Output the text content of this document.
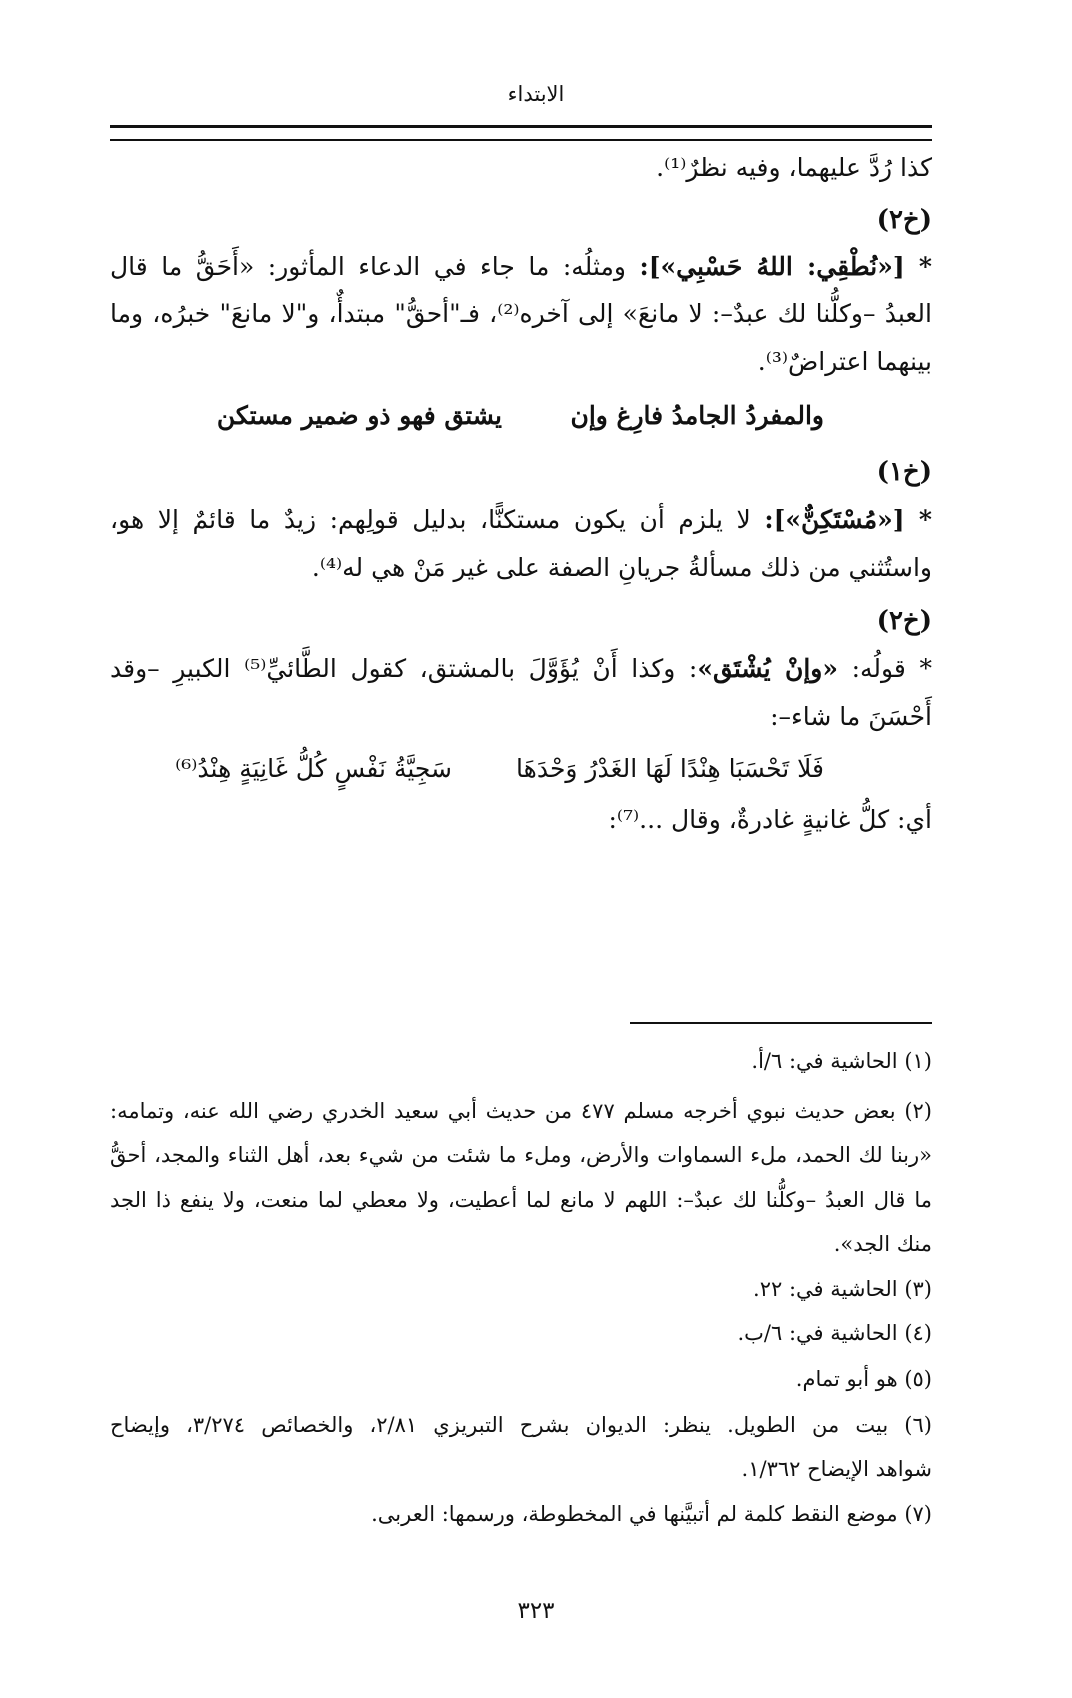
الابتداء
كذا رُدَّ عليهما، وفيه نظرٌ⁽¹⁾.
(خ٢)
* [«نُطْقِي: اللهُ حَسْبِي»]: ومثلُه: ما جاء في الدعاء المأثور: «أَحَقُّ ما قال
العبدُ –وكلُّنا لك عبدٌ–: لا مانعَ» إلى آخره⁽²⁾، فـ"أحقُّ" مبتدأٌ، و"لا مانعَ" خبرُه، وما
بينهما اعتراضٌ⁽³⁾.
والمفردُ الجامدُ فارِغ وإن
يشتق فهو ذو ضمير مستكن
(خ١)
* [«مُسْتَكِنٌّ»]: لا يلزم أن يكون مستكنًّا، بدليل قولِهم: زيدٌ ما قائمٌ إلا هو،
واستُثني من ذلك مسألةُ جريانِ الصفة على غير مَنْ هي له⁽⁴⁾.
(خ٢)
* قولُه: «وإنْ يُشْتَق»: وكذا أَنْ يُؤَوَّلَ بالمشتق، كقول الطَّائيِّ⁽⁵⁾ الكبيرِ –وقد
أَحْسَنَ ما شاء–:
فَلَا تَحْسَبَا هِنْدًا لَهَا الغَدْرُ وَحْدَهَا
سَجِيَّةُ نَفْسٍ كُلُّ غَانِيَةٍ هِنْدُ⁽⁶⁾
أي: كلُّ غانيةٍ غادرةٌ، وقال ...⁽⁷⁾:
(١) الحاشية في: ٦/أ.
(٢) بعض حديث نبوي أخرجه مسلم ٤٧٧ من حديث أبي سعيد الخدري رضي الله عنه، وتمامه:
«ربنا لك الحمد، ملء السماوات والأرض، وملء ما شئت من شيء بعد، أهل الثناء والمجد، أحقُّ
ما قال العبدُ –وكلُّنا لك عبدٌ–: اللهم لا مانع لما أعطيت، ولا معطي لما منعت، ولا ينفع ذا الجد
منك الجد».
(٣) الحاشية في: ٢٢.
(٤) الحاشية في: ٦/ب.
(٥) هو أبو تمام.
(٦) بيت من الطويل. ينظر: الديوان بشرح التبريزي ٢/٨١، والخصائص ٣/٢٧٤، وإيضاح
شواهد الإيضاح ١/٣٦٢.
(٧) موضع النقط كلمة لم أتبيَّنها في المخطوطة، ورسمها: العربى.
٣٢٣
